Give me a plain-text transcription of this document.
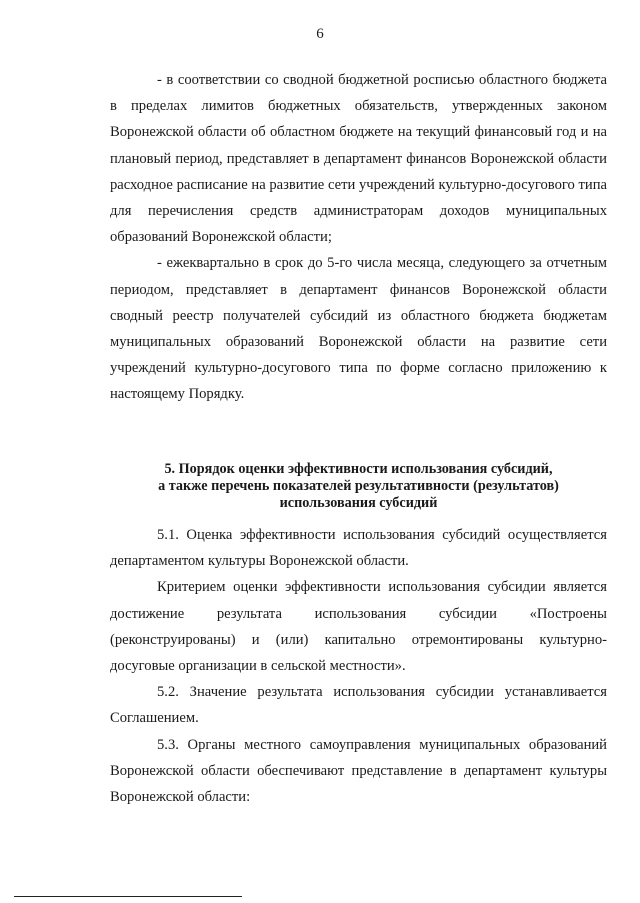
6

- в соответствии со сводной бюджетной росписью областного бюджета в пределах лимитов бюджетных обязательств, утвержденных законом Воронежской области об областном бюджете на текущий финансовый год и на плановый период, представляет в департамент финансов Воронежской области расходное расписание на развитие сети учреждений культурно-досугового типа для перечисления средств администраторам доходов муниципальных образований Воронежской области;

- ежеквартально в срок до 5-го числа месяца, следующего за отчетным периодом, представляет в департамент финансов Воронежской области сводный реестр получателей субсидий из областного бюджета бюджетам муниципальных образований Воронежской области на развитие сети учреждений культурно-досугового типа по форме согласно приложению к настоящему Порядку.

5. Порядок оценки эффективности использования субсидий,
а также перечень показателей результативности (результатов)
использования субсидий

5.1. Оценка эффективности использования субсидий осуществляется департаментом культуры Воронежской области.

Критерием оценки эффективности использования субсидии является достижение результата использования субсидии «Построены (реконструированы) и (или) капитально отремонтированы культурно-досуговые организации в сельской местности».

5.2. Значение результата использования субсидии устанавливается Соглашением.

5.3. Органы местного самоуправления муниципальных образований Воронежской области обеспечивают представление в департамент культуры Воронежской области:
